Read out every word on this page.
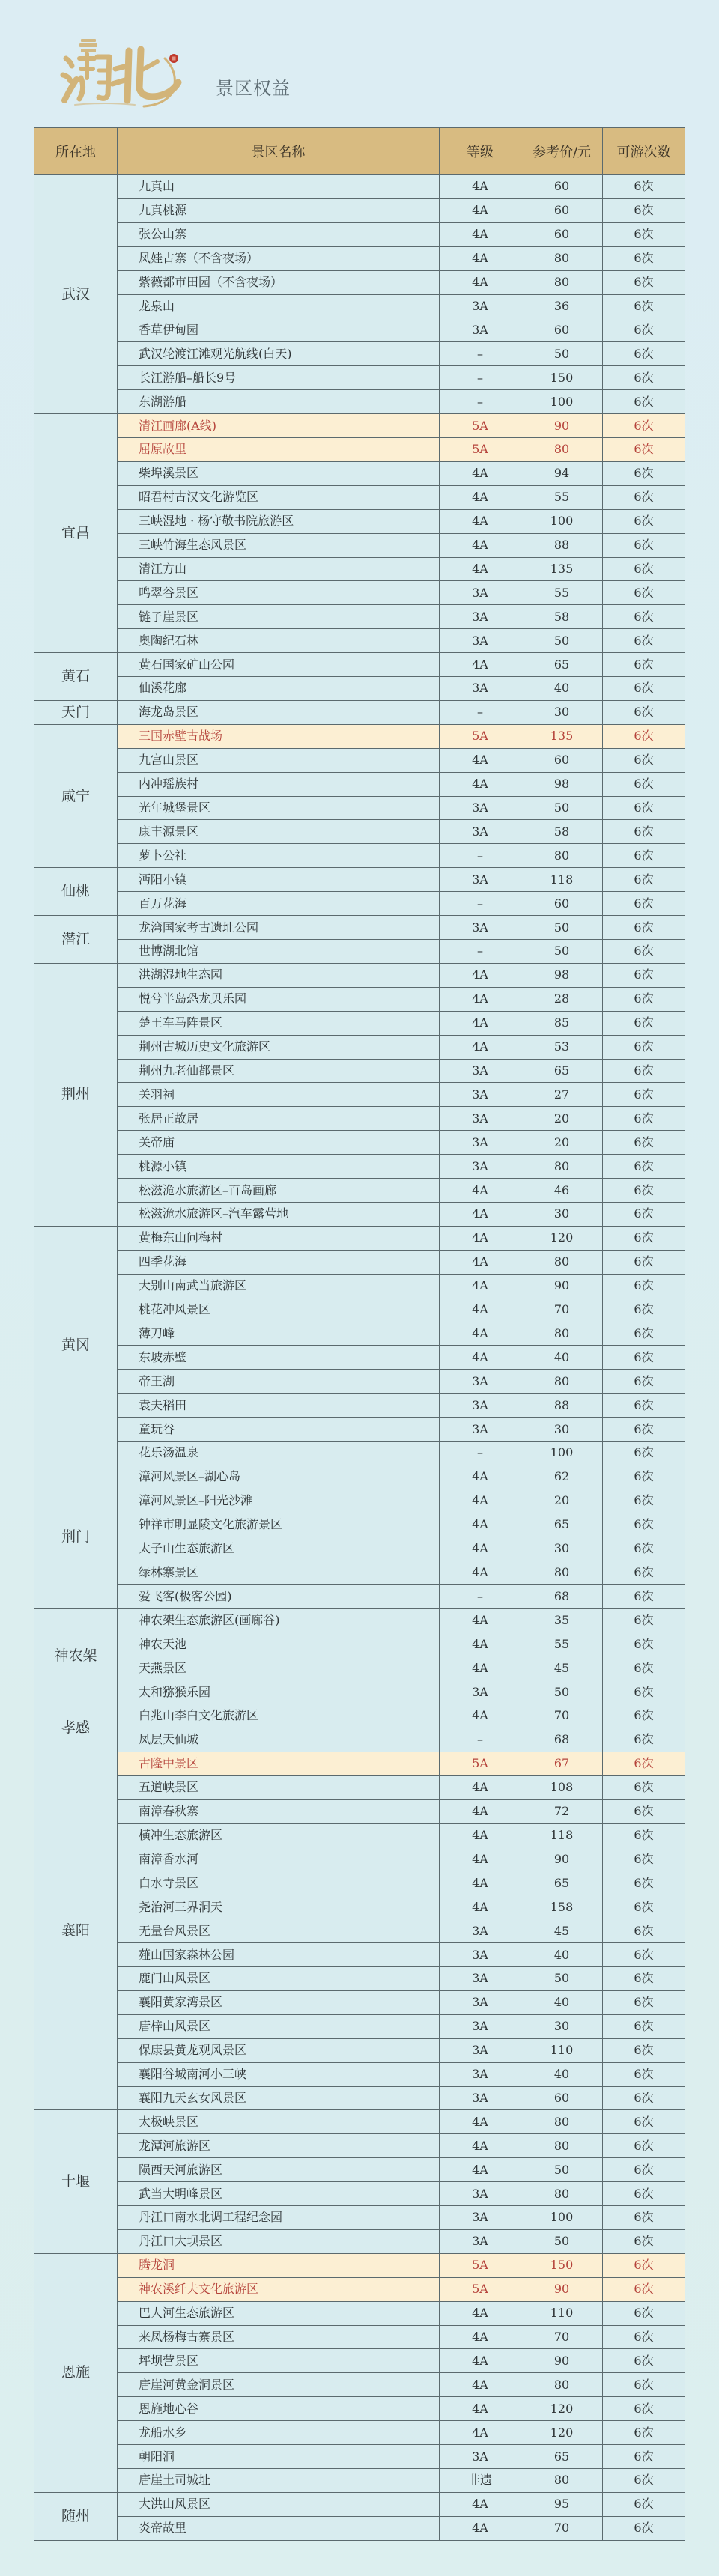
景区权益
所在地	景区名称	等级	参考价/元	可游次数
武汉	九真山	4A	60	6次
	九真桃源	4A	60	6次
	张公山寨	4A	60	6次
	凤娃古寨（不含夜场）	4A	80	6次
	紫薇都市田园（不含夜场）	4A	80	6次
	龙泉山	3A	36	6次
	香草伊甸园	3A	60	6次
	武汉轮渡江滩观光航线(白天)	–	50	6次
	长江游船–船长9号	–	150	6次
	东湖游船	–	100	6次
宜昌	清江画廊(A线)	5A	90	6次
	屈原故里	5A	80	6次
	柴埠溪景区	4A	94	6次
	昭君村古汉文化游览区	4A	55	6次
	三峡湿地 · 杨守敬书院旅游区	4A	100	6次
	三峡竹海生态风景区	4A	88	6次
	清江方山	4A	135	6次
	鸣翠谷景区	3A	55	6次
	链子崖景区	3A	58	6次
	奥陶纪石林	3A	50	6次
黄石	黄石国家矿山公园	4A	65	6次
	仙溪花廊	3A	40	6次
天门	海龙岛景区	–	30	6次
咸宁	三国赤壁古战场	5A	135	6次
	九宫山景区	4A	60	6次
	内冲瑶族村	4A	98	6次
	光年城堡景区	3A	50	6次
	康丰源景区	3A	58	6次
	萝卜公社	–	80	6次
仙桃	沔阳小镇	3A	118	6次
	百万花海	–	60	6次
潜江	龙湾国家考古遗址公园	3A	50	6次
	世博湖北馆	–	50	6次
荆州	洪湖湿地生态园	4A	98	6次
	悦兮半岛恐龙贝乐园	4A	28	6次
	楚王车马阵景区	4A	85	6次
	荆州古城历史文化旅游区	4A	53	6次
	荆州九老仙都景区	3A	65	6次
	关羽祠	3A	27	6次
	张居正故居	3A	20	6次
	关帝庙	3A	20	6次
	桃源小镇	3A	80	6次
	松滋洈水旅游区–百岛画廊	4A	46	6次
	松滋洈水旅游区–汽车露营地	4A	30	6次
黄冈	黄梅东山问梅村	4A	120	6次
	四季花海	4A	80	6次
	大别山南武当旅游区	4A	90	6次
	桃花冲风景区	4A	70	6次
	薄刀峰	4A	80	6次
	东坡赤壁	4A	40	6次
	帝王湖	3A	80	6次
	袁夫稻田	3A	88	6次
	童玩谷	3A	30	6次
	花乐汤温泉	–	100	6次
荆门	漳河风景区–湖心岛	4A	62	6次
	漳河风景区–阳光沙滩	4A	20	6次
	钟祥市明显陵文化旅游景区	4A	65	6次
	太子山生态旅游区	4A	30	6次
	绿林寨景区	4A	80	6次
	爱飞客(极客公园)	–	68	6次
神农架	神农架生态旅游区(画廊谷)	4A	35	6次
	神农天池	4A	55	6次
	天燕景区	4A	45	6次
	太和猕猴乐园	3A	50	6次
孝感	白兆山李白文化旅游区	4A	70	6次
	凤层天仙城	–	68	6次
襄阳	古隆中景区	5A	67	6次
	五道峡景区	4A	108	6次
	南漳春秋寨	4A	72	6次
	横冲生态旅游区	4A	118	6次
	南漳香水河	4A	90	6次
	白水寺景区	4A	65	6次
	尧治河三界洞天	4A	158	6次
	无量台风景区	3A	45	6次
	薤山国家森林公园	3A	40	6次
	鹿门山风景区	3A	50	6次
	襄阳黄家湾景区	3A	40	6次
	唐梓山风景区	3A	30	6次
	保康县黄龙观风景区	3A	110	6次
	襄阳谷城南河小三峡	3A	40	6次
	襄阳九天玄女风景区	3A	60	6次
十堰	太极峡景区	4A	80	6次
	龙潭河旅游区	4A	80	6次
	陨西天河旅游区	4A	50	6次
	武当大明峰景区	3A	80	6次
	丹江口南水北调工程纪念园	3A	100	6次
	丹江口大坝景区	3A	50	6次
恩施	腾龙洞	5A	150	6次
	神农溪纤夫文化旅游区	5A	90	6次
	巴人河生态旅游区	4A	110	6次
	来凤杨梅古寨景区	4A	70	6次
	坪坝营景区	4A	90	6次
	唐崖河黄金洞景区	4A	80	6次
	恩施地心谷	4A	120	6次
	龙船水乡	4A	120	6次
	朝阳洞	3A	65	6次
	唐崖土司城址	非遗	80	6次
随州	大洪山风景区	4A	95	6次
	炎帝故里	4A	70	6次
